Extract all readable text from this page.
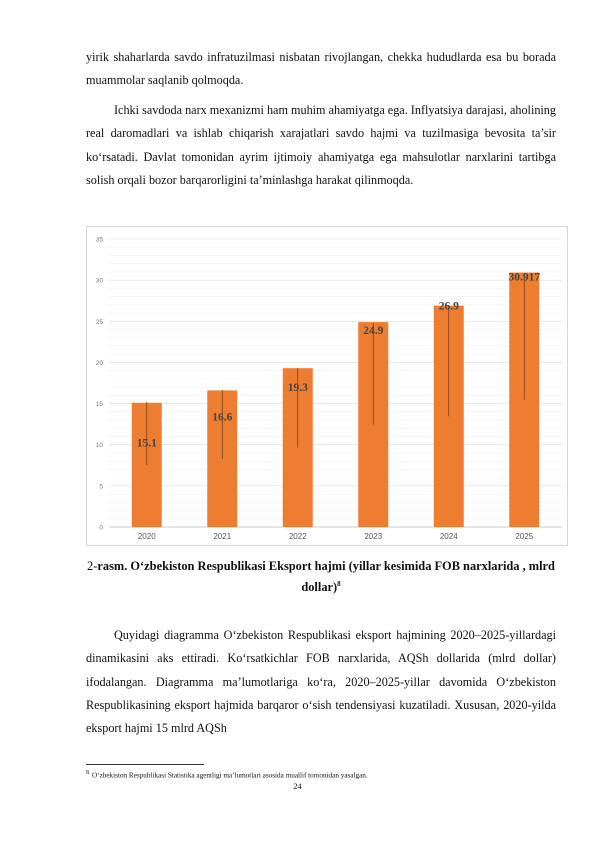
yirik shaharlarda savdo infratuzilmasi nisbatan rivojlangan, chekka hududlarda esa bu borada muammolar saqlanib qolmoqda.

Ichki savdoda narx mexanizmi ham muhim ahamiyatga ega. Inflyatsiya darajasi, aholining real daromadlari va ishlab chiqarish xarajatlari savdo hajmi va tuzilmasiga bevosita ta’sir ko‘rsatadi. Davlat tomonidan ayrim ijtimoiy ahamiyatga ega mahsulotlar narxlarini tartibga solish orqali bozor barqarorligini ta’minlashga harakat qilinmoqda.

0
5
10
15
20
25
30
35
15.1
2020
16.6
2021
19.3
2022
24.9
2023
26.9
2024
30.917
2025
2-rasm. O‘zbekiston Respublikasi Eksport hajmi (yillar kesimida FOB narxlarida , mlrd dollar)$^8$

Quyidagi diagramma O‘zbekiston Respublikasi eksport hajmining 2020–2025-yillardagi dinamikasini aks ettiradi. Ko‘rsatkichlar FOB narxlarida, AQSh dollarida (mlrd dollar) ifodalangan. Diagramma ma’lumotlariga ko‘ra, 2020–2025-yillar davomida O‘zbekiston Respublikasining eksport hajmida barqaror o‘sish tendensiyasi kuzatiladi. Xususan, 2020-yilda eksport hajmi 15 mlrd AQSh

$^8$ O‘zbekiston Respublikasi Statistika agentligi ma’lumotlari asosida muallif tomonidan yasalgan.
24
